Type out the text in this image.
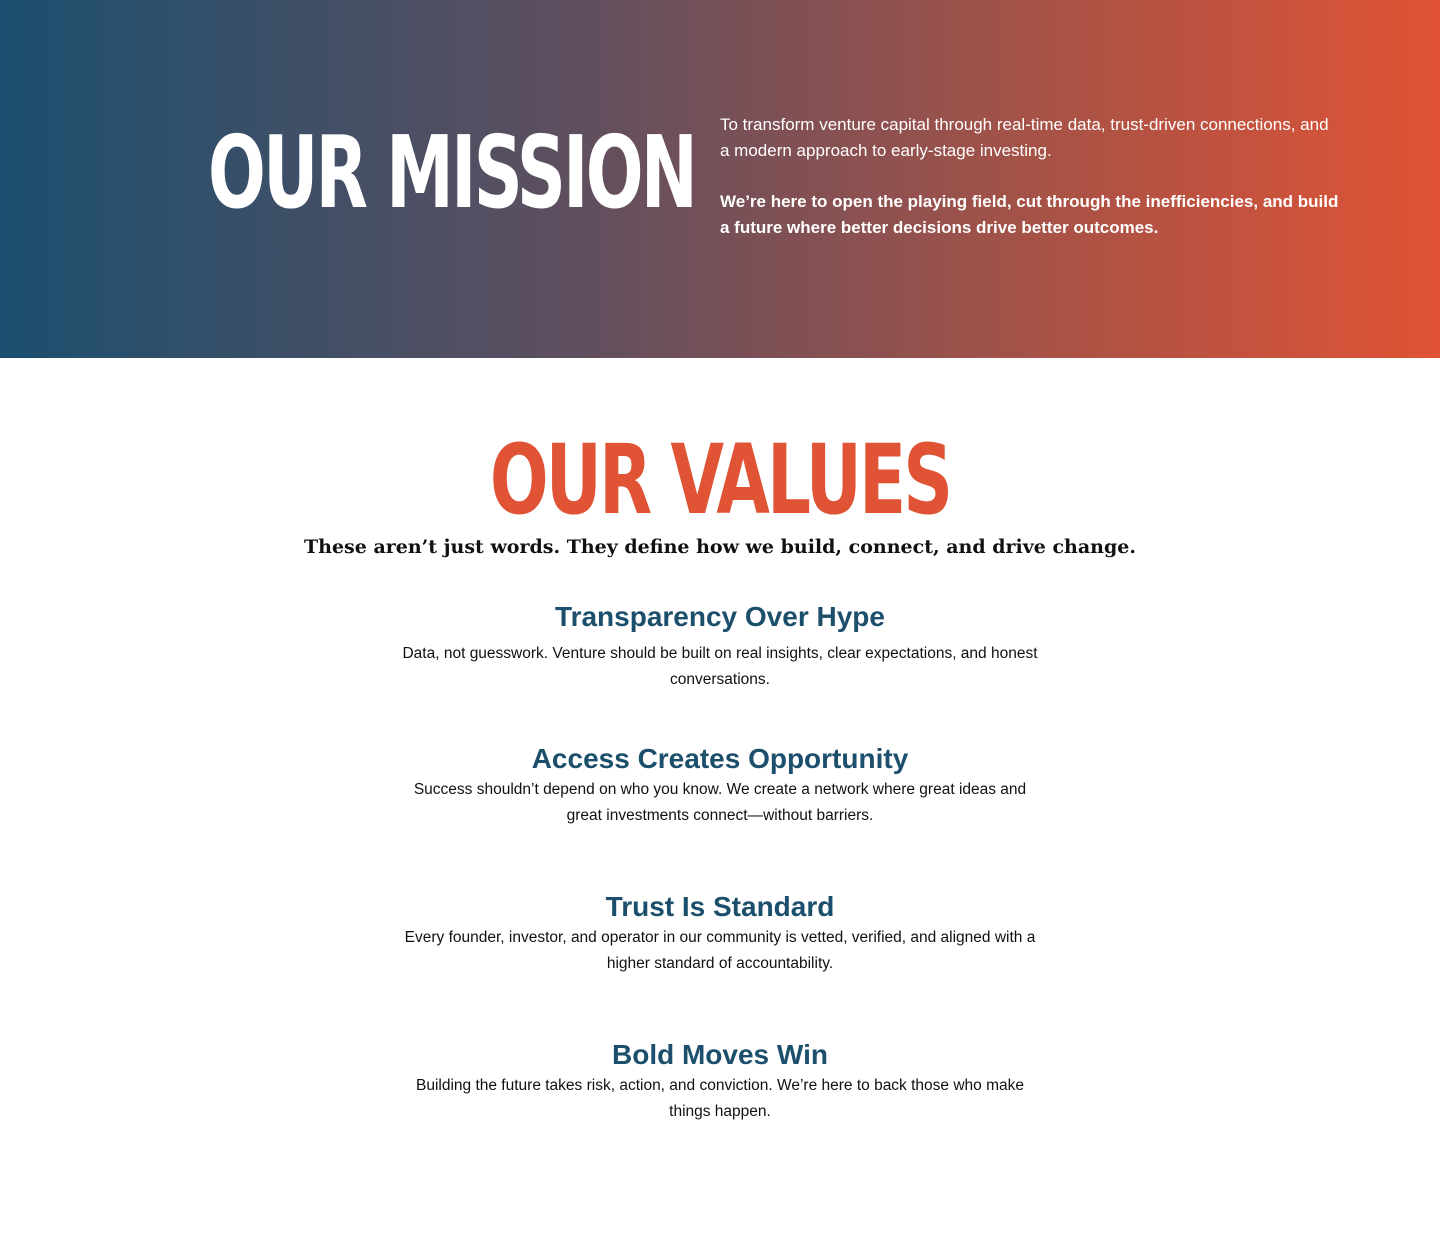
OUR MISSION To transform venture capital through real-time data, trust-driven connections, and a modern approach to early-stage investing.

We’re here to open the playing field, cut through the inefficiencies, and build a future where better decisions drive better outcomes.

OUR VALUES

These aren’t just words. They define how we build, connect, and drive change.

Transparency Over Hype

Data, not guesswork. Venture should be built on real insights, clear expectations, and honest conversations.

Access Creates Opportunity

Success shouldn’t depend on who you know. We create a network where great ideas and great investments connect—without barriers.

Trust Is Standard

Every founder, investor, and operator in our community is vetted, verified, and aligned with a higher standard of accountability.

Bold Moves Win

Building the future takes risk, action, and conviction. We’re here to back those who make things happen.
